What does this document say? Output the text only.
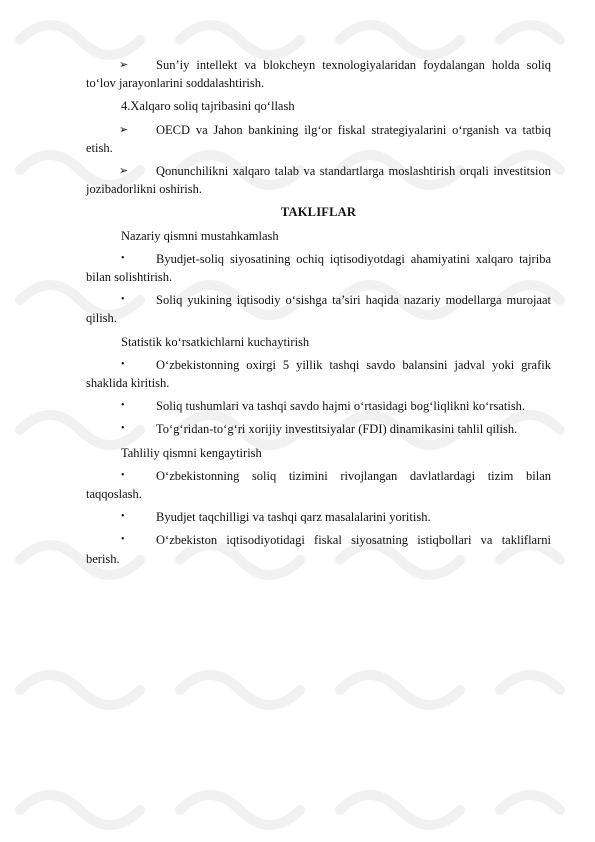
➢ Sun’iy intellekt va blokcheyn texnologiyalaridan foydalangan holda soliq to‘lov jarayonlarini soddalashtirish.

4.Xalqaro soliq tajribasini qo‘llash

➢ OECD va Jahon bankining ilg‘or fiskal strategiyalarini o‘rganish va tatbiq etish.

➢ Qonunchilikni xalqaro talab va standartlarga moslashtirish orqali investitsion jozibadorlikni oshirish.

TAKLIFLAR

Nazariy qismni mustahkamlash

•	Byudjet-soliq siyosatining ochiq iqtisodiyotdagi ahamiyatini xalqaro tajriba bilan solishtirish.

•	Soliq yukining iqtisodiy o‘sishga ta’siri haqida nazariy modellarga murojaat qilish.

Statistik ko‘rsatkichlarni kuchaytirish

•	O‘zbekistonning oxirgi 5 yillik tashqi savdo balansini jadval yoki grafik shaklida kiritish.

•	Soliq tushumlari va tashqi savdo hajmi o‘rtasidagi bog‘liqlikni ko‘rsatish.

•	To‘g‘ridan-to‘g‘ri xorijiy investitsiyalar (FDI) dinamikasini tahlil qilish.

Tahliliy qismni kengaytirish

•	O‘zbekistonning soliq tizimini rivojlangan davlatlardagi tizim bilan taqqoslash.

•	Byudjet taqchilligi va tashqi qarz masalalarini yoritish.

•	O‘zbekiston iqtisodiyotidagi fiskal siyosatning istiqbollari va takliflarni berish.
